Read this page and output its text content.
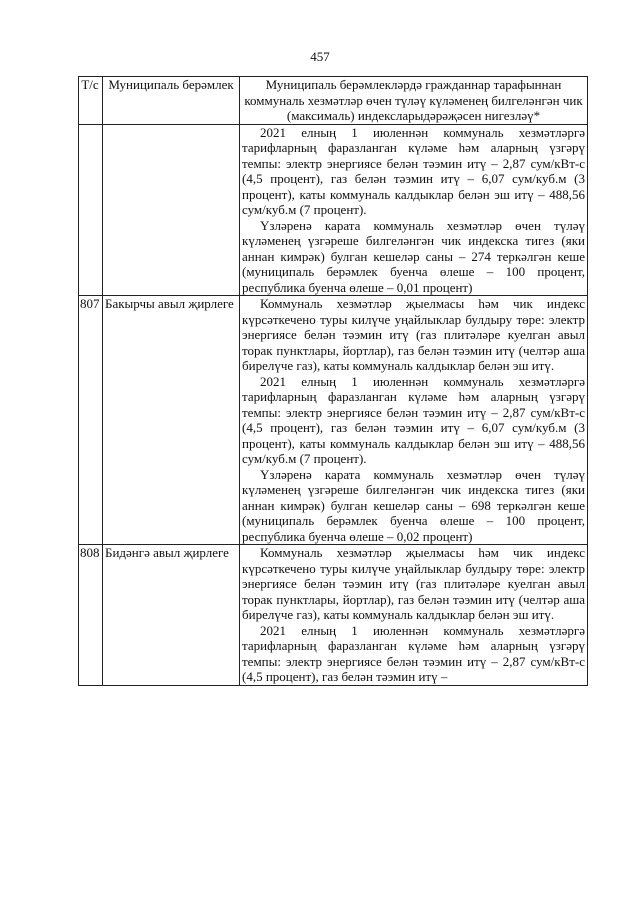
457
Т/с	Муниципаль берәмлек	Муниципаль берәмлекләрдә гражданнар тарафыннан коммуналь хезмәтләр өчен түләү күләменең билгеләнгән чик (максималь) индексларыдәрәҗәсен нигезләү*

		2021 елның 1 июленнән коммуналь хезмәтләргә тарифларның фаразланган күләме һәм аларның үзгәрү темпы: электр энергиясе белән тәэмин итү – 2,87 сум/кВт-с (4,5 процент), газ белән тәэмин итү – 6,07 сум/куб.м (3 процент), каты коммуналь калдыклар белән эш итү – 488,56 сум/куб.м (7 процент).

Үзләренә карата коммуналь хезмәтләр өчен түләү күләменең үзгәреше билгеләнгән чик индекска тигез (яки аннан кимрәк) булган кешеләр саны – 274 теркәлгән кеше (муниципаль берәмлек буенча өлеше – 100 процент, республика буенча өлеше – 0,01 процент)

807	Бакырчы авыл җирлеге	Коммуналь хезмәтләр җыелмасы һәм чик индекс күрсәткечено туры килүче уңайлыклар булдыру төре: электр энергиясе белән тәэмин итү (газ плитәләре куелган авыл торак пунктлары, йортлар), газ белән тәэмин итү (челтәр аша бирелүче газ), каты коммуналь калдыклар белән эш итү.

2021 елның 1 июленнән коммуналь хезмәтләргә тарифларның фаразланган күләме һәм аларның үзгәрү темпы: электр энергиясе белән тәэмин итү – 2,87 сум/кВт-с (4,5 процент), газ белән тәэмин итү – 6,07 сум/куб.м (3 процент), каты коммуналь калдыклар белән эш итү – 488,56 сум/куб.м (7 процент).

Үзләренә карата коммуналь хезмәтләр өчен түләү күләменең үзгәреше билгеләнгән чик индекска тигез (яки аннан кимрәк) булган кешеләр саны – 698 теркәлгән кеше (муниципаль берәмлек буенча өлеше – 100 процент, республика буенча өлеше – 0,02 процент)

808	Бидәнгә авыл җирлеге	Коммуналь хезмәтләр җыелмасы һәм чик индекс күрсәткечено туры килүче уңайлыклар булдыру төре: электр энергиясе белән тәэмин итү (газ плитәләре куелган авыл торак пунктлары, йортлар), газ белән тәэмин итү (челтәр аша бирелүче газ), каты коммуналь калдыклар белән эш итү.

2021 елның 1 июленнән коммуналь хезмәтләргә тарифларның фаразланган күләме һәм аларның үзгәрү темпы: электр энергиясе белән тәэмин итү – 2,87 сум/кВт-с (4,5 процент), газ белән тәэмин итү –
